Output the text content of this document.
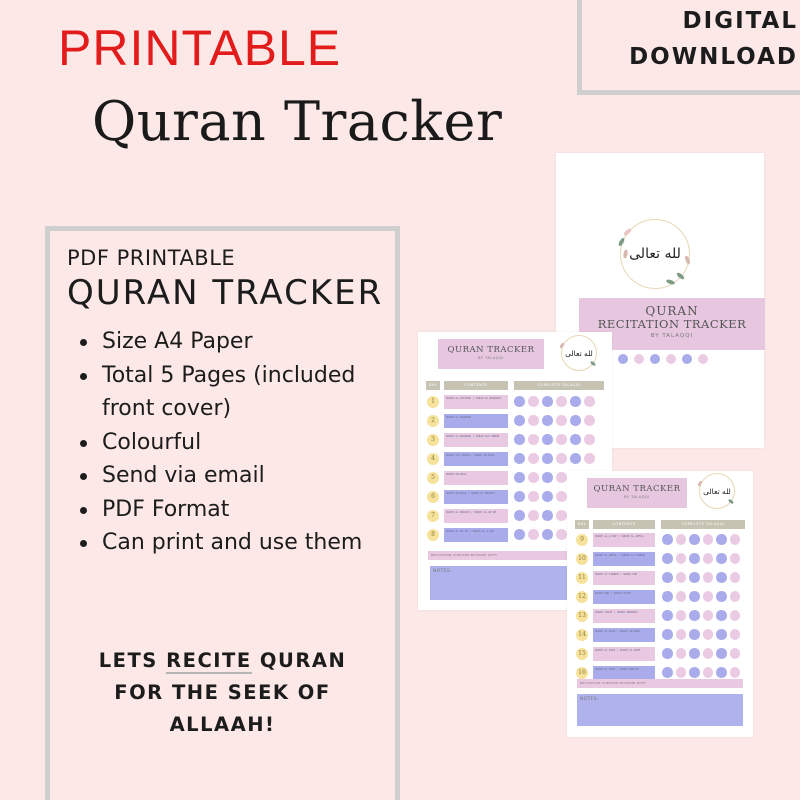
PRINTABLE
Quran Tracker
DIGITAL
DOWNLOAD
PDF PRINTABLE
QURAN TRACKER
Size A4 Paper
Total 5 Pages (included front cover)
Colourful
Send via email
PDF Format
Can print and use them
LETS RECITE QURAN
FOR THE SEEK OF
ALLAAH!
لله تعالى
QURAN
RECITATION TRACKER
BY TALAQQI
QURAN TRACKER
BY TALAQQI
لله تعالى
DAY	CONTENTS	COMPLETE TALAQQI
1	SURAH AL-FATIHAH / SURAH AL-BAQARAH
2	SURAH AL-BAQARAH
3	SURAH AL-BAQARAH / SURAH ALI-IMRAN
4	SURAH ALI-IMRAN / SURAH AN-NISA
5	SURAH AN-NISA
6	SURAH AN-NISA / SURAH AL-MAIDAH
7	SURAH AL-MAIDAH / SURAH AL-AN'AM
8	SURAH AL-AN'AM / SURAH AL-A'RAF
RECITATION CHECKED BY/NAME WITH
NOTES:
QURAN TRACKER
BY TALAQQI
لله تعالى
DAY	CONTENTS	COMPLETE TALAQQI
9	SURAH AL-A'RAF / SURAH AL-ANFAL
10	SURAH AL-ANFAL / SURAH AT-TAWBAH
11	SURAH AT-TAWBAH / SURAH HUD
12	SURAH HUD / SURAH YUSUF
13	SURAH YUSUF / SURAH IBRAHIM
14	SURAH AL-HIJR / SURAH AN-NAHL
15	SURAH AL-ISRA / SURAH AL-KAHF
16	SURAH AL-KAHF / SURAH MARYAM
RECITATION CHECKED BY/NAME WITH
NOTES:
